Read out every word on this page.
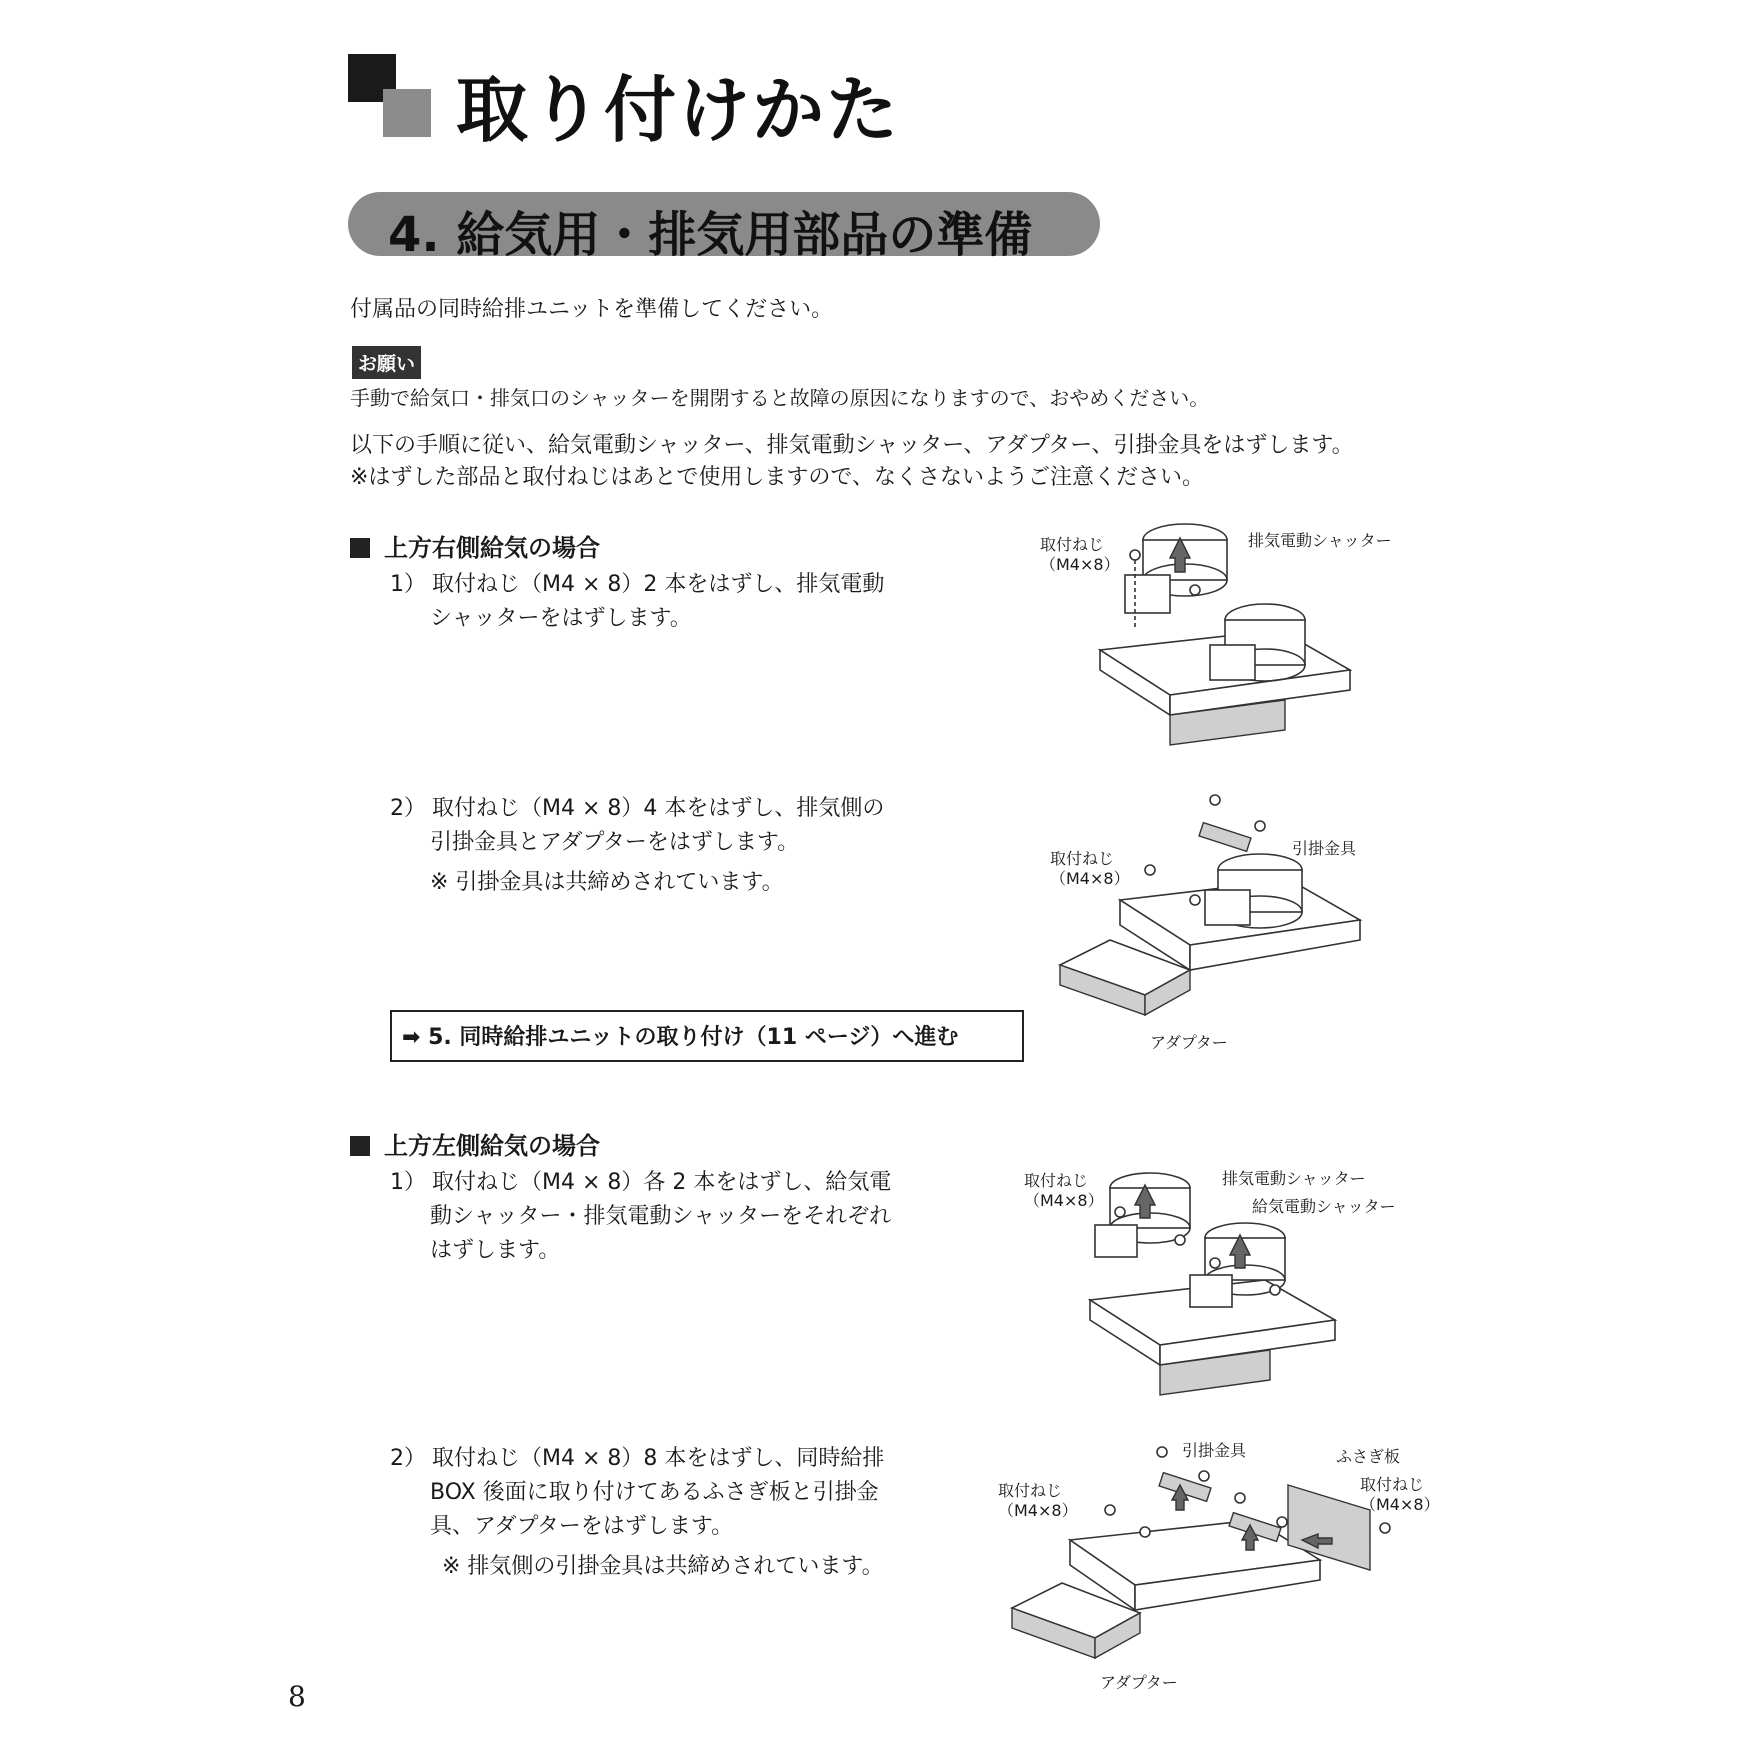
取り付けかた
4. 給気用・排気用部品の準備
付属品の同時給排ユニットを準備してください。
お願い
手動で給気口・排気口のシャッターを開閉すると故障の原因になりますので、おやめください。
以下の手順に従い、給気電動シャッター、排気電動シャッター、アダプター、引掛金具をはずします。
※はずした部品と取付ねじはあとで使用しますので、なくさないようご注意ください。
上方右側給気の場合
1） 取付ねじ（M4 × 8）2 本をはずし、排気電動
シャッターをはずします。
2） 取付ねじ（M4 × 8）4 本をはずし、排気側の
引掛金具とアダプターをはずします。
※ 引掛金具は共締めされています。
➡ 5. 同時給排ユニットの取り付け（11 ページ）へ進む
取付ねじ
（M4×8）
排気電動シャッター
取付ねじ
（M4×8）
引掛金具
アダプター
上方左側給気の場合
1） 取付ねじ（M4 × 8）各 2 本をはずし、給気電
動シャッター・排気電動シャッターをそれぞれ
はずします。
2） 取付ねじ（M4 × 8）8 本をはずし、同時給排
BOX 後面に取り付けてあるふさぎ板と引掛金
具、アダプターをはずします。
※ 排気側の引掛金具は共締めされています。
取付ねじ
（M4×8）
排気電動シャッター
給気電動シャッター
取付ねじ
（M4×8）
引掛金具	ふさぎ板
取付ねじ
（M4×8）
アダプター
8
